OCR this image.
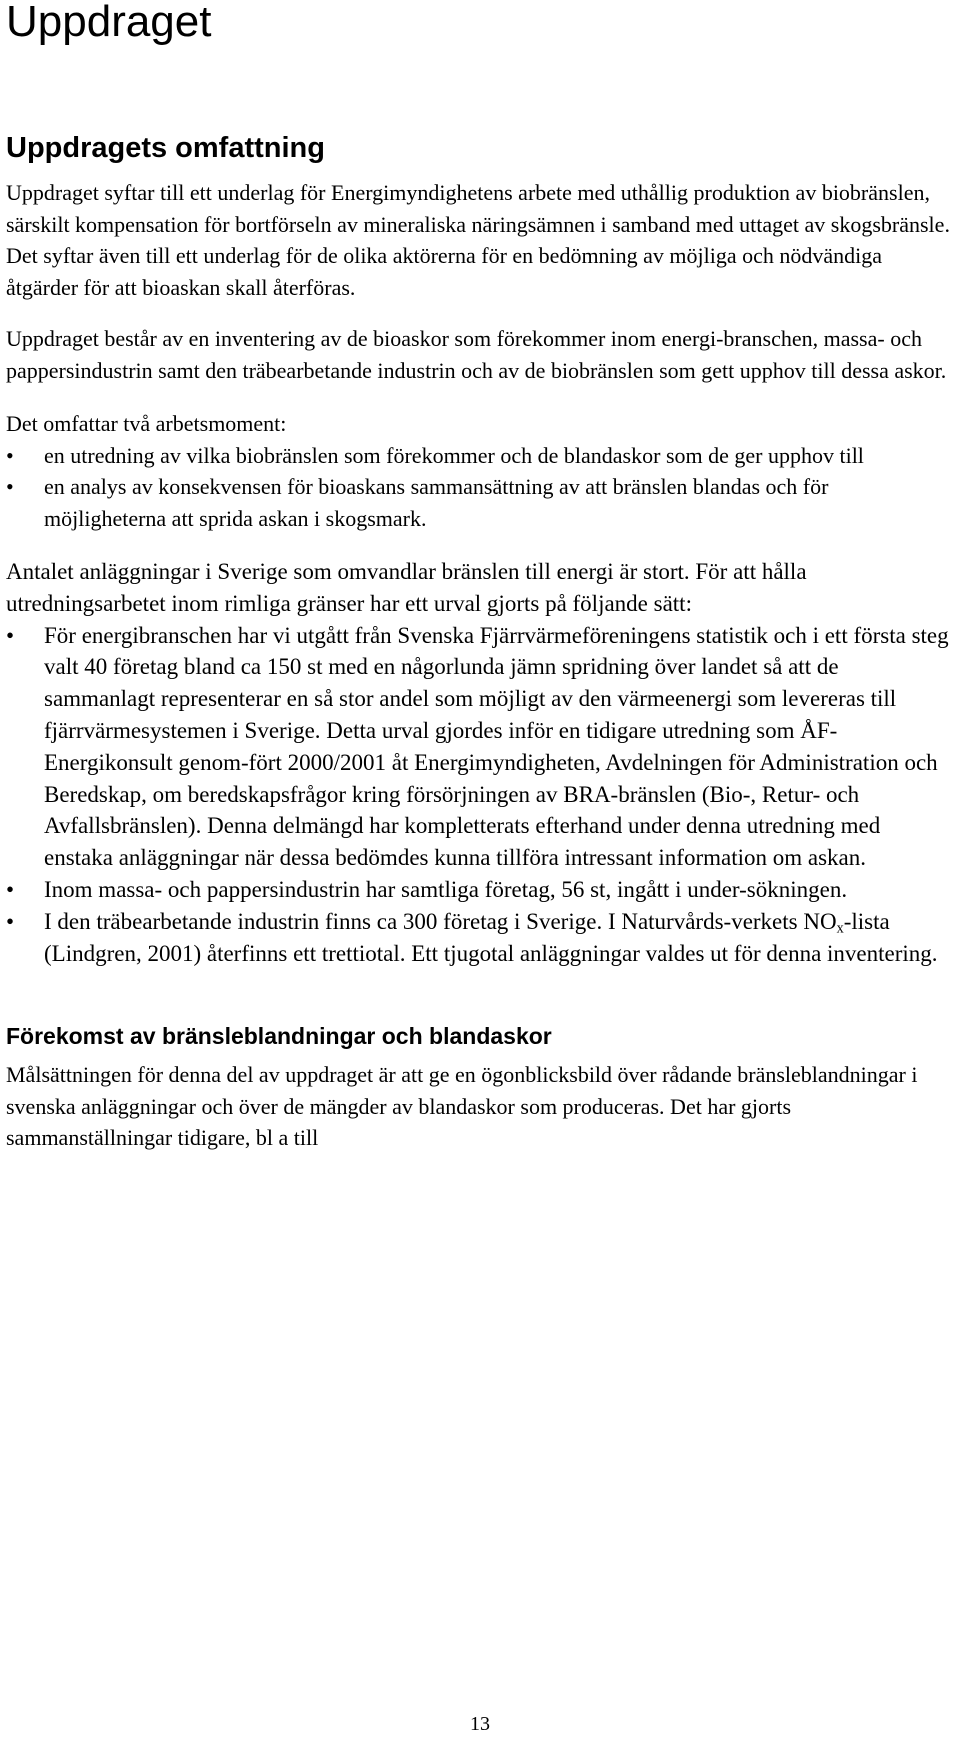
Uppdraget
Uppdragets omfattning

Uppdraget syftar till ett underlag för Energimyndighetens arbete med uthållig produktion av biobränslen, särskilt kompensation för bortförseln av mineraliska näringsämnen i samband med uttaget av skogsbränsle. Det syftar även till ett underlag för de olika aktörerna för en bedömning av möjliga och nödvändiga åtgärder för att bioaskan skall återföras.

Uppdraget består av en inventering av de bioaskor som förekommer inom energi-branschen, massa- och pappersindustrin samt den träbearbetande industrin och av de biobränslen som gett upphov till dessa askor.

Det omfattar två arbetsmoment:

• en utredning av vilka biobränslen som förekommer och de blandaskor som de ger upphov till
• en analys av konsekvensen för bioaskans sammansättning av att bränslen blandas och för möjligheterna att sprida askan i skogsmark.

Antalet anläggningar i Sverige som omvandlar bränslen till energi är stort. För att hålla utredningsarbetet inom rimliga gränser har ett urval gjorts på följande sätt:

• För energibranschen har vi utgått från Svenska Fjärrvärmeföreningens statistik och i ett första steg valt 40 företag bland ca 150 st med en någorlunda jämn spridning över landet så att de sammanlagt representerar en så stor andel som möjligt av den värmeenergi som levereras till fjärrvärmesystemen i Sverige. Detta urval gjordes inför en tidigare utredning som ÅF-Energikonsult genom-fört 2000/2001 åt Energimyndigheten, Avdelningen för Administration och Beredskap, om beredskapsfrågor kring försörjningen av BRA-bränslen (Bio-, Retur- och Avfallsbränslen). Denna delmängd har kompletterats efterhand under denna utredning med enstaka anläggningar när dessa bedömdes kunna tillföra intressant information om askan.
• Inom massa- och pappersindustrin har samtliga företag, 56 st, ingått i under-sökningen.
• I den träbearbetande industrin finns ca 300 företag i Sverige. I Naturvårds-verkets $NO_x$-lista (Lindgren, 2001) återfinns ett trettiotal. Ett tjugotal anläggningar valdes ut för denna inventering.
Förekomst av bränsleblandningar och blandaskor

Målsättningen för denna del av uppdraget är att ge en ögonblicksbild över rådande bränsleblandningar i svenska anläggningar och över de mängder av blandaskor som produceras. Det har gjorts sammanställningar tidigare, bl a till

13
